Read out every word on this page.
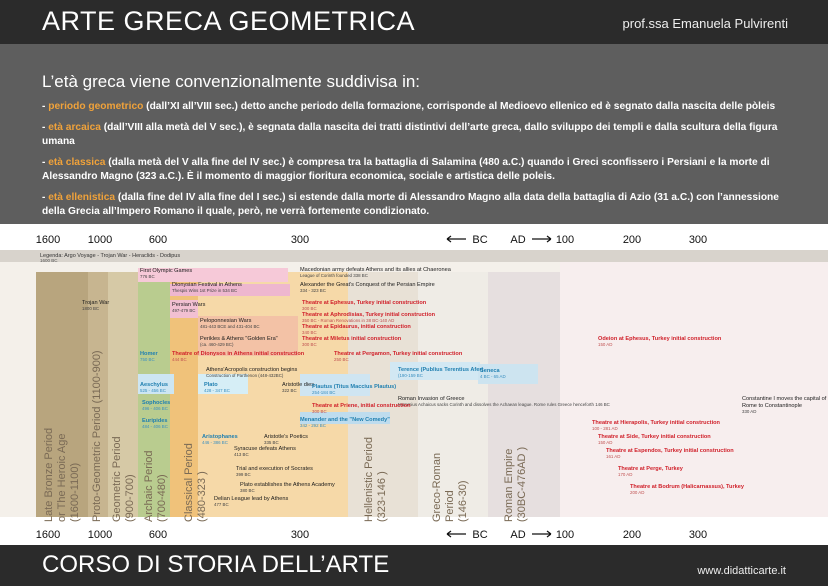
ARTE GRECA GEOMETRICA	prof.ssa Emanuela Pulvirenti
L’età greca viene convenzionalmente suddivisa in:

- periodo geometrico (dall’XI all’VIII sec.) detto anche periodo della formazione, corrisponde al Medioevo ellenico ed è segnato dalla nascita delle pòleis

- età arcaica (dall’VIII alla metà del V sec.), è segnata dalla nascita dei tratti distintivi dell’arte greca, dallo sviluppo dei templi e dalla scultura della figura umana

- età classica (dalla metà del V alla fine del IV sec.) è compresa tra la battaglia di Salamina (480 a.C.) quando i Greci sconfissero i Persiani e la morte di Alessandro Magno (323 a.C.). È il momento di maggior fioritura economica, sociale e artistica delle poleis.

- età ellenistica (dalla fine del IV alla fine del I sec.) si estende dalla morte di Alessandro Magno alla data della battaglia di Azio (31 a.C.) con l’annessione della Grecia all’Impero Romano il quale, però, ne verrà fortemente condizionato.

1600	1000	600	300	BC AD	100	200	300
1600	1000	600	300	BC AD	100	200	300
Legenda: Argo Voyage - Trojan War - Heraclids - Dodipus
1600 BC
Late Bronze Period or The Heroic Age (1600-1100) Proto-Geometric Period (1100-900) Geometric Period (900-700) Archaic Period (700-480) Classical Period (480-323 )	Hellenistic Period (323-146 )	Greco-Roman Period (146-30)	Roman Empire (30BC-476AD )
First Olympic Games
776 BC
Macedonian army defeats Athens and its allies at Chaeronea
League of Corinth founded 338 BC
Dionysian Festival in Athens
Thespis Wins 1st Prize in 534 BC
Alexander the Great's Conquest of the Persian Empire
334 - 323 BC
Trojan War
1800 BC
Persian Wars
497-479 BC
Peloponnesian Wars
481-443 BCE and 431-404 BC
Perikles & Athens "Golden Era"
(ca. 460-429 BC)
Athens'Acropolis construction begins
Construction of Parthenon (448-432BC)
Aristotle dies
322 BC
Roman Invasion of Greece
Mummius Achaicus sacks Corinth and dissolves the Achaean league. Rome rules Greece henceforth 146 BC
Aristotle's Poetics
335 BC
Syracuse defeats Athens
413 BC
Trial and execution of Socrates
399 BC
Plato establishes the Athens Academy
380 BC
Delian League lead by Athens
477 BC
Constantine I moves the capital of
Rome to Constantinople
330 AD
Theatre at Ephesus, Turkey initial construction
300 BC
Theatre at Aphrodisias, Turkey initial construction
350 BC - Roman Renovations in 38 BC-140 AD
Theatre at Epidaurus, initial construction
340 BC
Theatre at Miletus initial construction
300 BC
Theatre of Dionysos in Athens initial construction
444 BC
Theatre at Pergamon, Turkey initial construction
250 BC
Theatre at Priene, initial construction
300 BC
Odeion at Ephesus, Turkey initial construction
150 AD
Theatre at Hierapolis, Turkey initial construction
100 - 281 AD
Theatre at Side, Turkey initial construction
150 AD
Theatre at Espendos, Turkey initial construction
161 AD
Theatre at Perge, Turkey
170 AD
Theatre at Bodrum (Halicarnassus), Turkey
200 AD
Homer
750 BC
Aeschylus
525 - 456 BC
Plato
428 - 347 BC
Sophocles
496 - 406 BC
Euripides
484 - 406 BC
Aristophanes
446 - 386 BC
Terence (Publius Terentius Afer)
(190-159 BC
Plautus (Titus Maccius Plautus)
254-184 BC
Menander and the "New Comedy"
342 - 292 BC
Seneca
4 BC - 65 AD
CORSO DI STORIA DELL’ARTE	www.didatticarte.it
